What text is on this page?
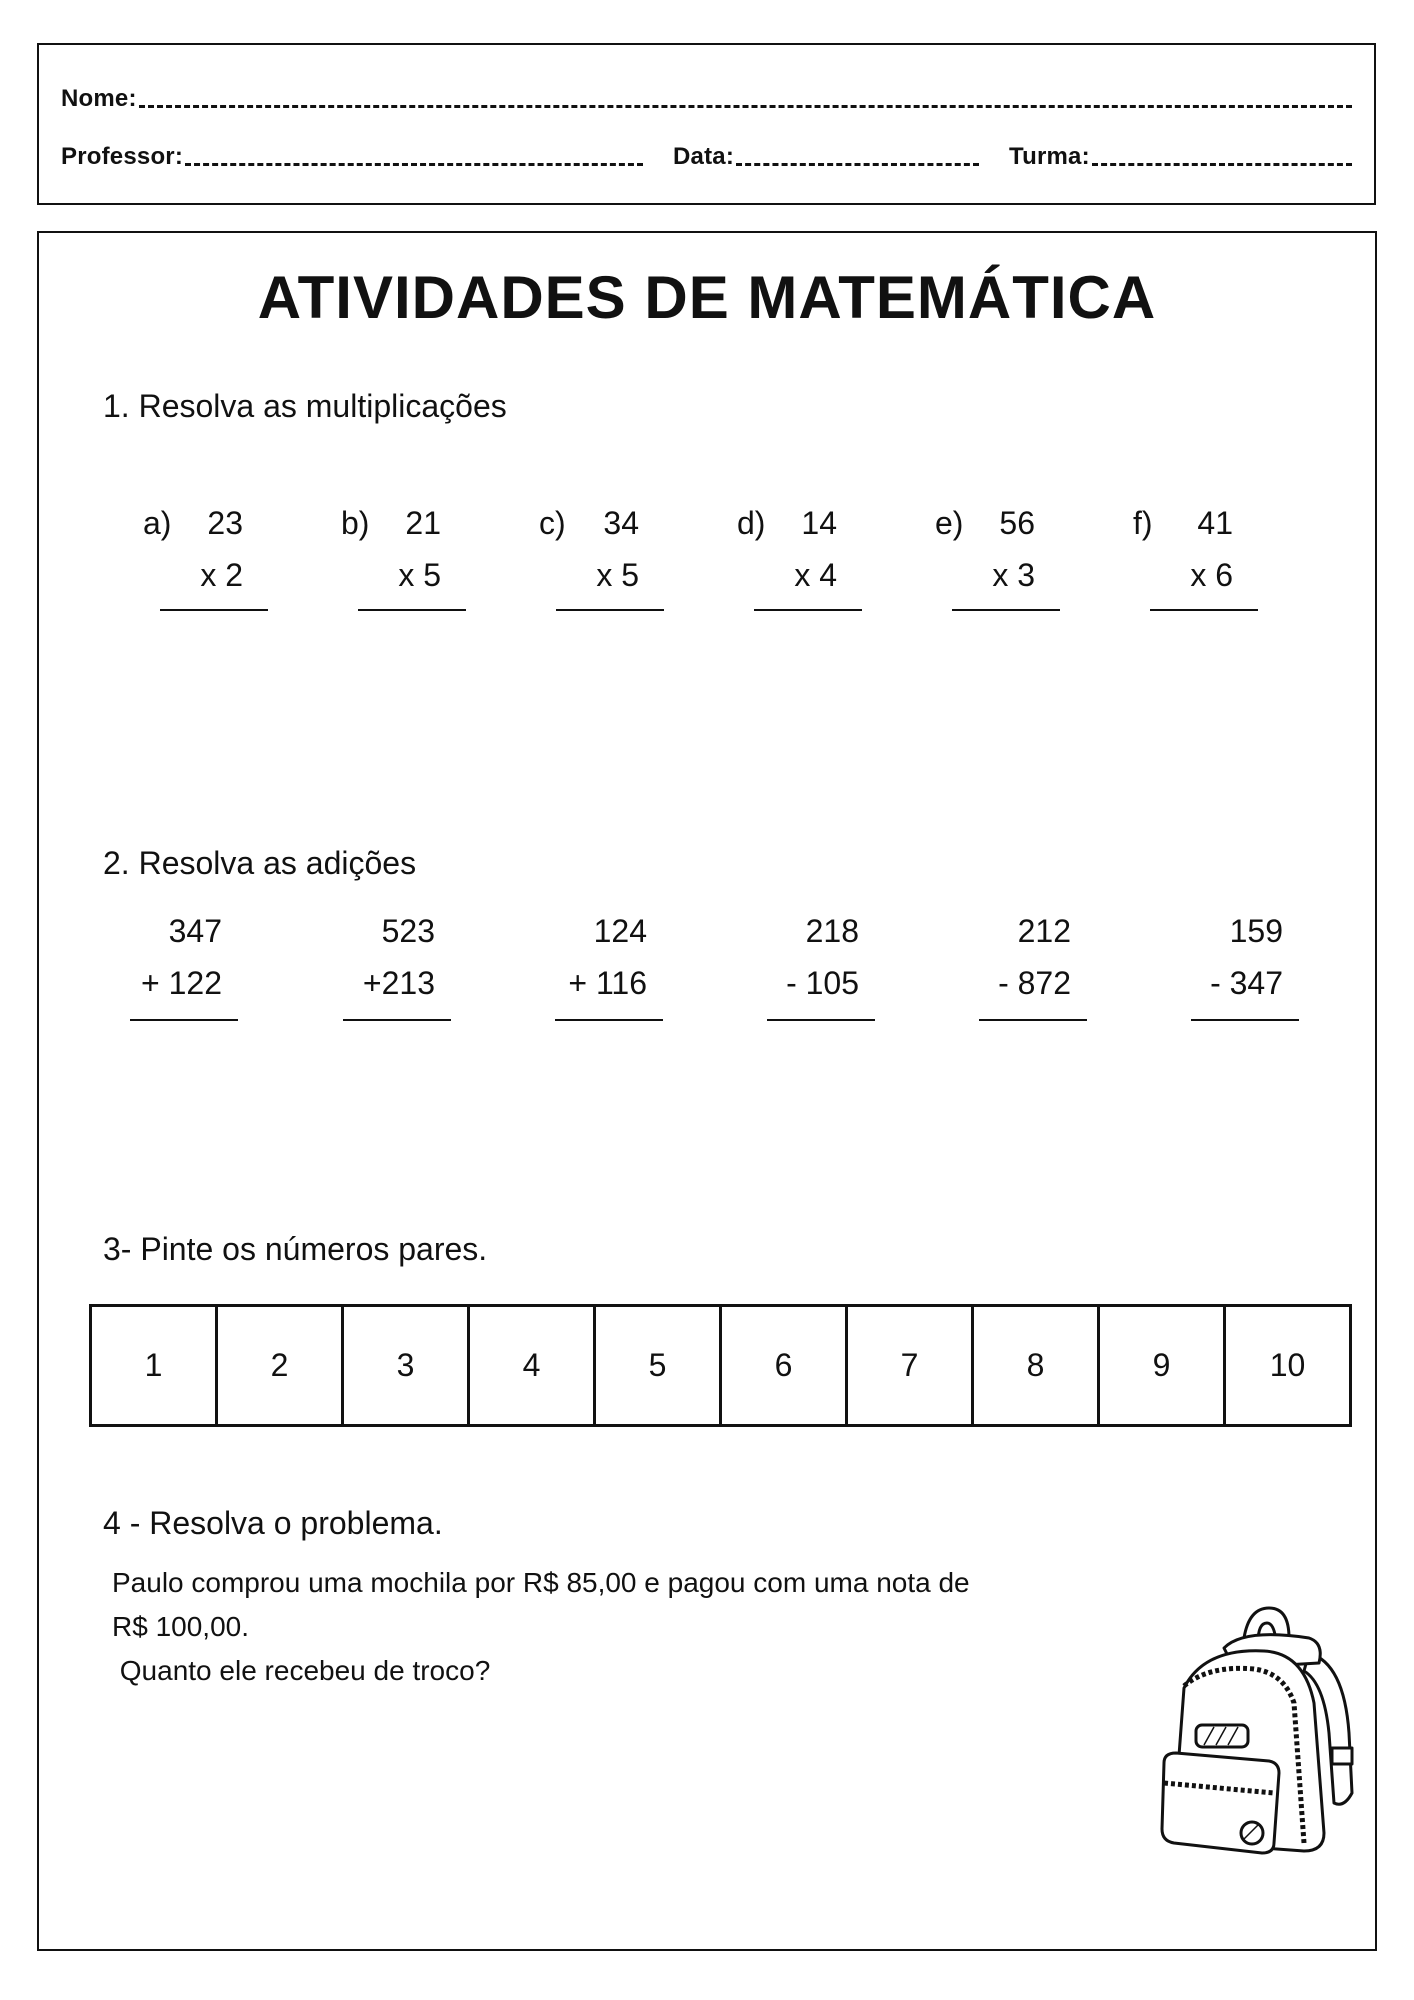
Nome:
Professor:	Data:	Turma:
ATIVIDADES DE MATEMÁTICA
1. Resolva as multiplicações
a) 23
x 2
b) 21
x 5
c) 34
x 5
d) 14
x 4
e) 56
x 3
f) 41
x 6
2. Resolva as adições
347
+ 122
523
+213
124
+ 116
218
- 105
212
- 872
159
- 347
3- Pinte os números pares.
1	2	3	4	5	6	7	8	9	10
4 - Resolva o problema.
Paulo comprou uma mochila por R$ 85,00 e pagou com uma nota de
R$ 100,00.
Quanto ele recebeu de troco?
